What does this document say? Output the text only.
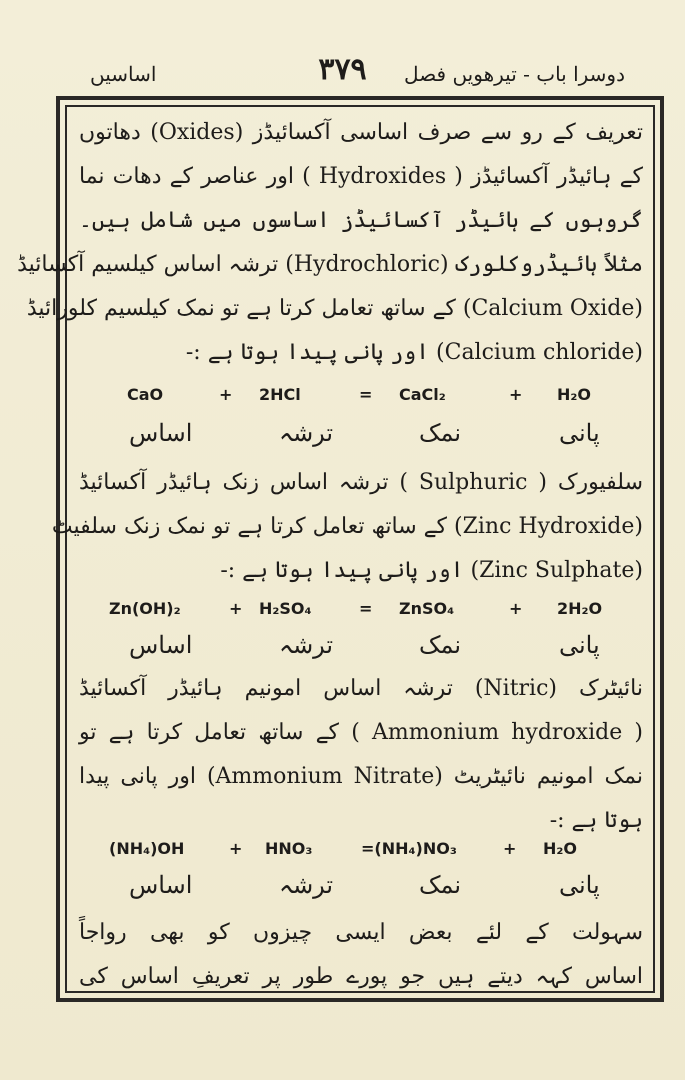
اساسیں	۳۷۹	دوسرا باب - تیرھویں فصل
تعریف کے رو سے صرف اساسی آکسائیڈز (Oxides) دھاتوں
کے ہائیڈر آکسائیڈز ( Hydroxides ) اور عناصر کے دھات نما
گروہوں کے ہائیڈر آکسائیڈز اساسوں میں شامل ہیں۔
مثلاً ہائیڈروکلورک (Hydrochloric) ترشہ اساس کیلسیم آکسائیڈ
(Calcium Oxide) کے ساتھ تعامل کرتا ہے تو نمک کیلسیم کلورائیڈ
(Calcium chloride) اور پانی پیدا ہوتا ہے :-
CaO	+ 2HCl	= CaCl₂	+ H₂O
اساس	ترشہ	نمک	پانی
سلفیورک ( Sulphuric ) ترشہ اساس زنک ہائیڈر آکسائیڈ
(Zinc Hydroxide) کے ساتھ تعامل کرتا ہے تو نمک زنک سلفیٹ
(Zinc Sulphate) اور پانی پیدا ہوتا ہے :-
Zn(OH)₂	+ H₂SO₄	= ZnSO₄	+ 2H₂O
اساس	ترشہ	نمک	پانی
نائیٹرک (Nitric) ترشہ اساس امونیم ہائیڈر آکسائیڈ
( Ammonium hydroxide ) کے ساتھ تعامل کرتا ہے تو
نمک امونیم نائیٹریٹ (Ammonium Nitrate) اور پانی پیدا
ہوتا ہے :-
(NH₄)OH	+ HNO₃	=(NH₄)NO₃	+ H₂O
اساس	ترشہ	نمک	پانی
سہولت کے لئے بعض ایسی چیزوں کو بھی رواجاً
اساس کہہ دیتے ہیں جو پورے طور پر تعریفِ اساس کی
